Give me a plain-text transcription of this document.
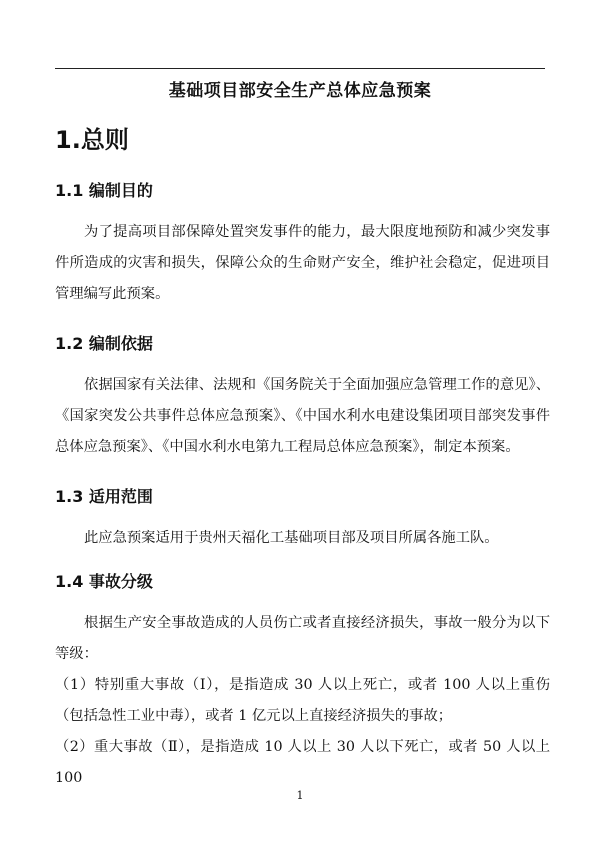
基础项目部安全生产总体应急预案
1.总则
1.1 编制目的
为了提高项目部保障处置突发事件的能力，最大限度地预防和减少突发事件所造成的灾害和损失，保障公众的生命财产安全，维护社会稳定，促进项目管理编写此预案。
1.2 编制依据
依据国家有关法律、法规和《国务院关于全面加强应急管理工作的意见》、《国家突发公共事件总体应急预案》、《中国水利水电建设集团项目部突发事件总体应急预案》、《中国水利水电第九工程局总体应急预案》，制定本预案。
1.3 适用范围
此应急预案适用于贵州天福化工基础项目部及项目所属各施工队。
1.4 事故分级
根据生产安全事故造成的人员伤亡或者直接经济损失，事故一般分为以下等级：
（1）特别重大事故（Ⅰ），是指造成 30 人以上死亡，或者 100 人以上重伤（包括急性工业中毒），或者 1 亿元以上直接经济损失的事故；
（2）重大事故（Ⅱ），是指造成 10 人以上 30 人以下死亡，或者 50 人以上 100
1
